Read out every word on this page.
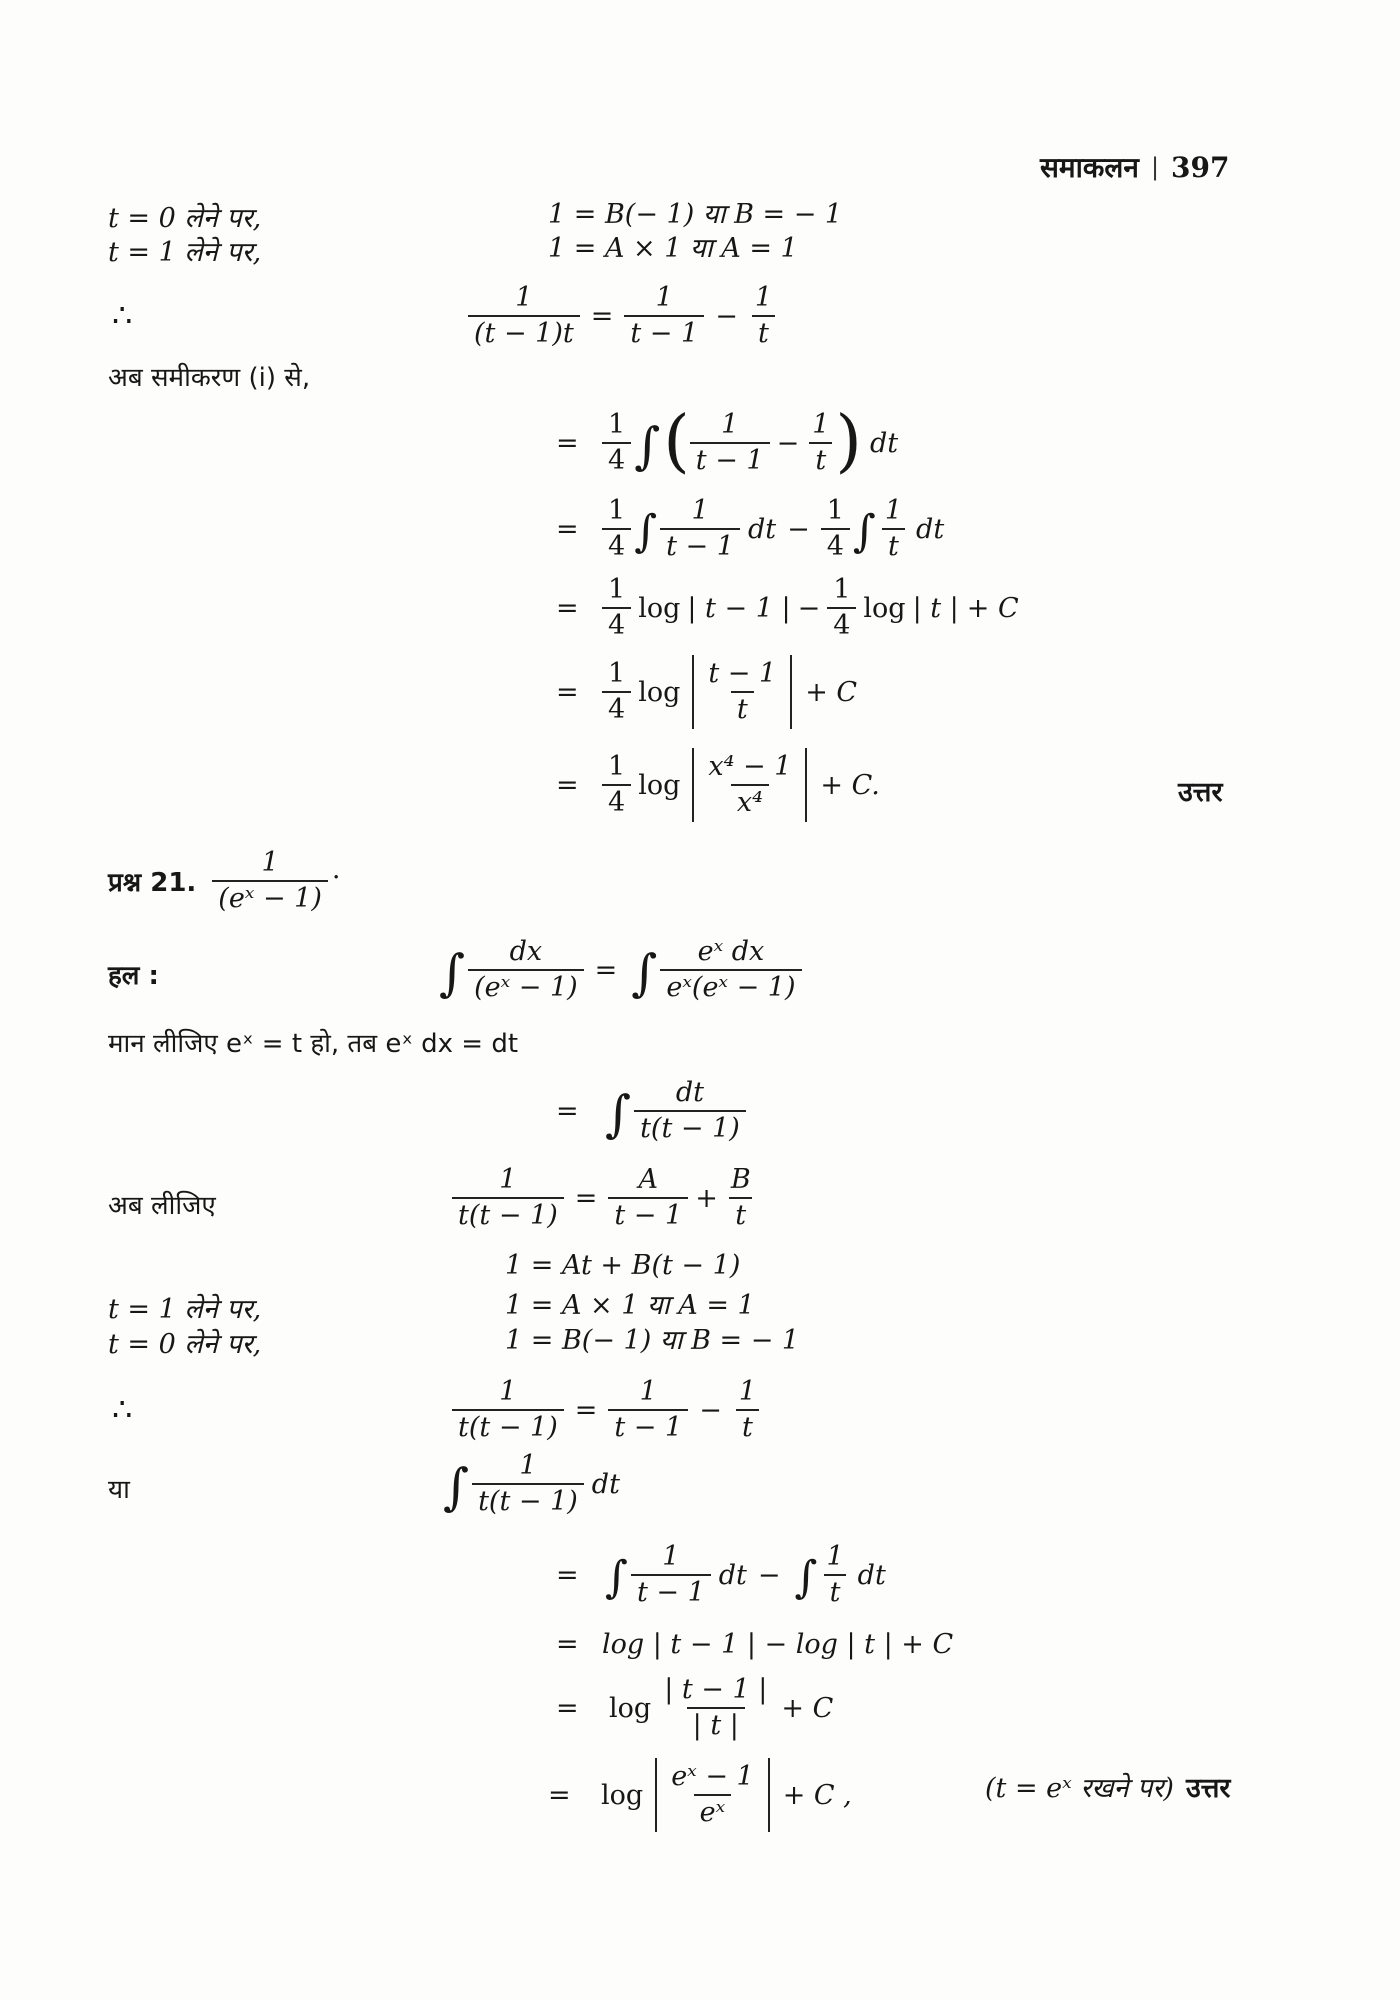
समाकलन | 397
t = 0 लेने पर,	1 = B(− 1) या B = − 1
t = 1 लेने पर,	1 = A × 1 या A = 1
∴	$\frac{1}{(t - 1)t} = \frac{1}{t - 1} - \frac{1}{t}$
अब समीकरण (i) से,
= $\frac{1}{4}$ ∫ ( $\frac{1}{t - 1} - \frac{1}{t}$ ) dt
= $\frac{1}{4}$ ∫ $\frac{1}{t - 1}$ dt − $\frac{1}{4}$ ∫ $\frac{1}{t}$ dt
= $\frac{1}{4}$ log | t − 1 | − $\frac{1}{4}$ log | t | + C
= $\frac{1}{4}$ $\log \frac{t - 1}{t} + C$
= $\frac{1}{4}$ $\log \frac{\text{x⁴ − 1}}{\text{x⁴}} + C$.	उत्तर
प्रश्न 21. $\frac{1}{\text{(eˣ − 1)}}$ .
हल :	∫ $\frac{dx}{\text{(eˣ − 1)}}$ = ∫ $\frac{\text{eˣ dx}}{\text{eˣ(eˣ − 1)}}$
मान लीजिए eˣ = t हो, तब eˣ dx = dt
= ∫ $\frac{dt}{t(t - 1)}$
अब लीजिए	$\frac{1}{t(t - 1)} = \frac{A}{t - 1} + \frac{B}{t}$
1 = At + B(t − 1)
t = 1 लेने पर,	1 = A × 1 या A = 1
t = 0 लेने पर,	1 = B(− 1) या B = − 1
∴	$\frac{1}{t(t - 1)} = \frac{1}{t - 1} - \frac{1}{t}$
या	∫ $\frac{1}{t(t - 1)}$ dt
= ∫ $\frac{1}{t - 1}$ dt − ∫ $\frac{1}{t}$ dt
= log | t − 1 | − log | t | + C
=	$\log \frac{| t - 1 |}{| t |} + C$
=	$\log \frac{\text{eˣ − 1}}{\text{eˣ}} + C$ ,	(t = eˣ रखने पर) उत्तर
